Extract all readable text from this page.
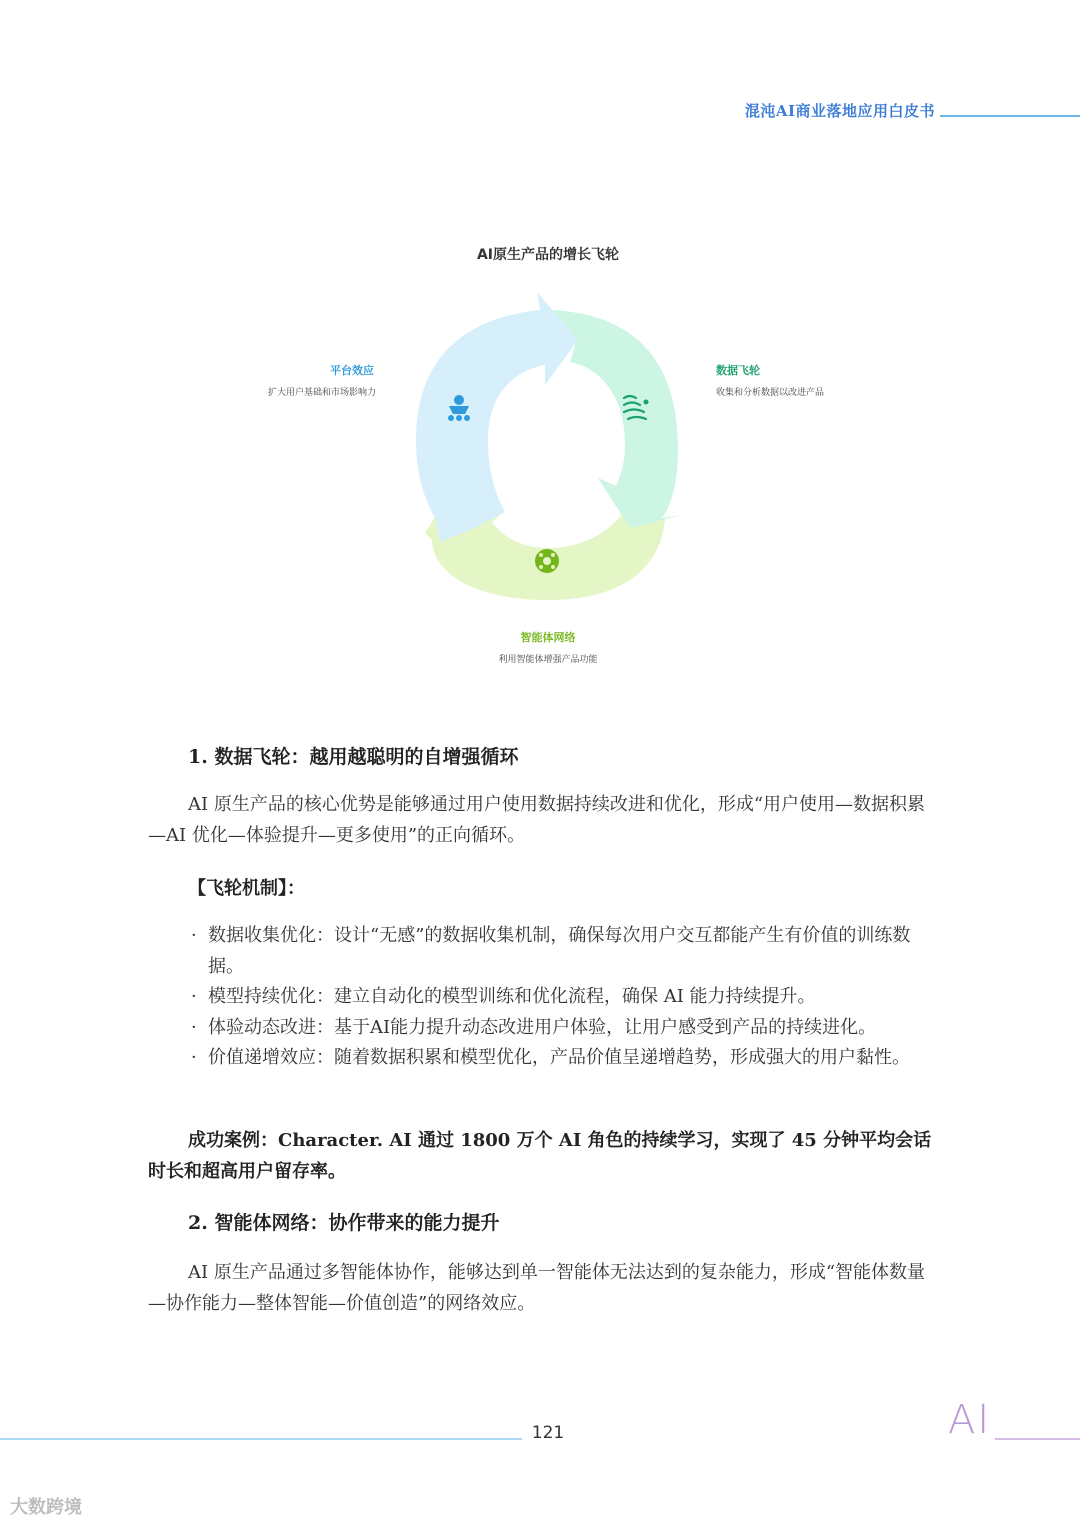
混沌AI商业落地应用白皮书
AI原生产品的增长飞轮
平台效应
扩大用户基础和市场影响力
数据飞轮
收集和分析数据以改进产品
智能体网络
利用智能体增强产品功能
1. 数据飞轮：越用越聪明的自增强循环
AI 原生产品的核心优势是能够通过用户使用数据持续改进和优化，形成“用户使用—数据积累—AI 优化—体验提升—更多使用”的正向循环。
【飞轮机制】：
· 数据收集优化：设计“无感”的数据收集机制，确保每次用户交互都能产生有价值的训练数据。
· 模型持续优化：建立自动化的模型训练和优化流程，确保 AI 能力持续提升。
· 体验动态改进：基于AI能力提升动态改进用户体验，让用户感受到产品的持续进化。
· 价值递增效应：随着数据积累和模型优化，产品价值呈递增趋势，形成强大的用户黏性。
成功案例：Character. AI 通过 1800 万个 AI 角色的持续学习，实现了 45 分钟平均会话时长和超高用户留存率。
2. 智能体网络：协作带来的能力提升
AI 原生产品通过多智能体协作，能够达到单一智能体无法达到的复杂能力，形成“智能体数量—协作能力—整体智能—价值创造”的网络效应。
121	AI
大数跨境
